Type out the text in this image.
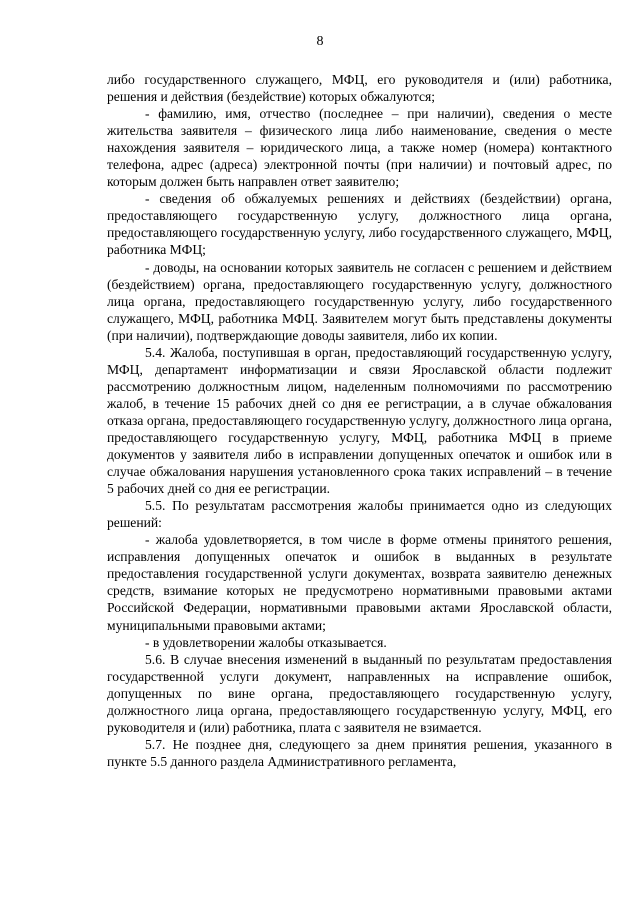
8

либо государственного служащего, МФЦ, его руководителя и (или) работника, решения и действия (бездействие) которых обжалуются;

- фамилию, имя, отчество (последнее – при наличии), сведения о месте жительства заявителя – физического лица либо наименование, сведения о месте нахождения заявителя – юридического лица, а также номер (номера) контактного телефона, адрес (адреса) электронной почты (при наличии) и почтовый адрес, по которым должен быть направлен ответ заявителю;

- сведения об обжалуемых решениях и действиях (бездействии) органа, предоставляющего государственную услугу, должностного лица органа, предоставляющего государственную услугу, либо государственного служащего, МФЦ, работника МФЦ;

- доводы, на основании которых заявитель не согласен с решением и действием (бездействием) органа, предоставляющего государственную услугу, должностного лица органа, предоставляющего государственную услугу, либо государственного служащего, МФЦ, работника МФЦ. Заявителем могут быть представлены документы (при наличии), подтверждающие доводы заявителя, либо их копии.

5.4. Жалоба, поступившая в орган, предоставляющий государственную услугу, МФЦ, департамент информатизации и связи Ярославской области подлежит рассмотрению должностным лицом, наделенным полномочиями по рассмотрению жалоб, в течение 15 рабочих дней со дня ее регистрации, а в случае обжалования отказа органа, предоставляющего государственную услугу, должностного лица органа, предоставляющего государственную услугу, МФЦ, работника МФЦ в приеме документов у заявителя либо в исправлении допущенных опечаток и ошибок или в случае обжалования нарушения установленного срока таких исправлений – в течение 5 рабочих дней со дня ее регистрации.

5.5. По результатам рассмотрения жалобы принимается одно из следующих решений:

- жалоба удовлетворяется, в том числе в форме отмены принятого решения, исправления допущенных опечаток и ошибок в выданных в результате предоставления государственной услуги документах, возврата заявителю денежных средств, взимание которых не предусмотрено нормативными правовыми актами Российской Федерации, нормативными правовыми актами Ярославской области, муниципальными правовыми актами;

- в удовлетворении жалобы отказывается.

5.6. В случае внесения изменений в выданный по результатам предоставления государственной услуги документ, направленных на исправление ошибок, допущенных по вине органа, предоставляющего государственную услугу, должностного лица органа, предоставляющего государственную услугу, МФЦ, его руководителя и (или) работника, плата с заявителя не взимается.

5.7. Не позднее дня, следующего за днем принятия решения, указанного в пункте 5.5 данного раздела Административного регламента,
